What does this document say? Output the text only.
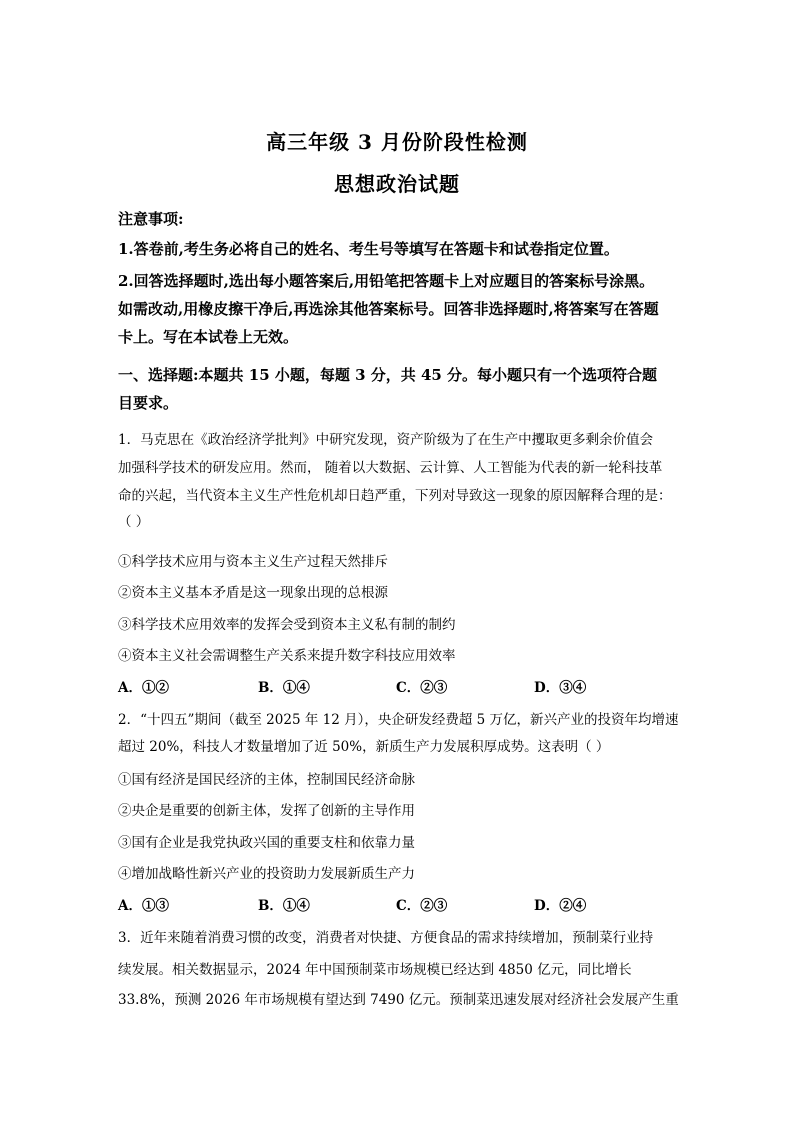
高三年级 3 月份阶段性检测
思想政治试题
注意事项:
1.答卷前,考生务必将自己的姓名、考生号等填写在答题卡和试卷指定位置。
2.回答选择题时,选出每小题答案后,用铅笔把答题卡上对应题目的答案标号涂黑。
如需改动,用橡皮擦干净后,再选涂其他答案标号。回答非选择题时,将答案写在答题
卡上。写在本试卷上无效。
一、选择题:本题共 15 小题，每题 3 分，共 45 分。每小题只有一个选项符合题
目要求。
1．马克思在《政治经济学批判》中研究发现，资产阶级为了在生产中攫取更多剩余价值会
加强科学技术的研发应用。然而， 随着以大数据、云计算、人工智能为代表的新一轮科技革
命的兴起，当代资本主义生产性危机却日趋严重，下列对导致这一现象的原因解释合理的是：
（ ）
①科学技术应用与资本主义生产过程天然排斥
②资本主义基本矛盾是这一现象出现的总根源
③科学技术应用效率的发挥会受到资本主义私有制的制约
④资本主义社会需调整生产关系来提升数字科技应用效率
A．①②	B．①④	C．②③	D．③④
2．“十四五”期间（截至 2025 年 12 月），央企研发经费超 5 万亿，新兴产业的投资年均增速
超过 20%，科技人才数量增加了近 50%，新质生产力发展积厚成势。这表明（ ）
①国有经济是国民经济的主体，控制国民经济命脉
②央企是重要的创新主体，发挥了创新的主导作用
③国有企业是我党执政兴国的重要支柱和依靠力量
④增加战略性新兴产业的投资助力发展新质生产力
A．①③	B．①④	C．②③	D．②④
3．近年来随着消费习惯的改变，消费者对快捷、方便食品的需求持续增加，预制菜行业持
续发展。相关数据显示，2024 年中国预制菜市场规模已经达到 4850 亿元，同比增长
33.8%，预测 2026 年市场规模有望达到 7490 亿元。预制菜迅速发展对经济社会发展产生重
